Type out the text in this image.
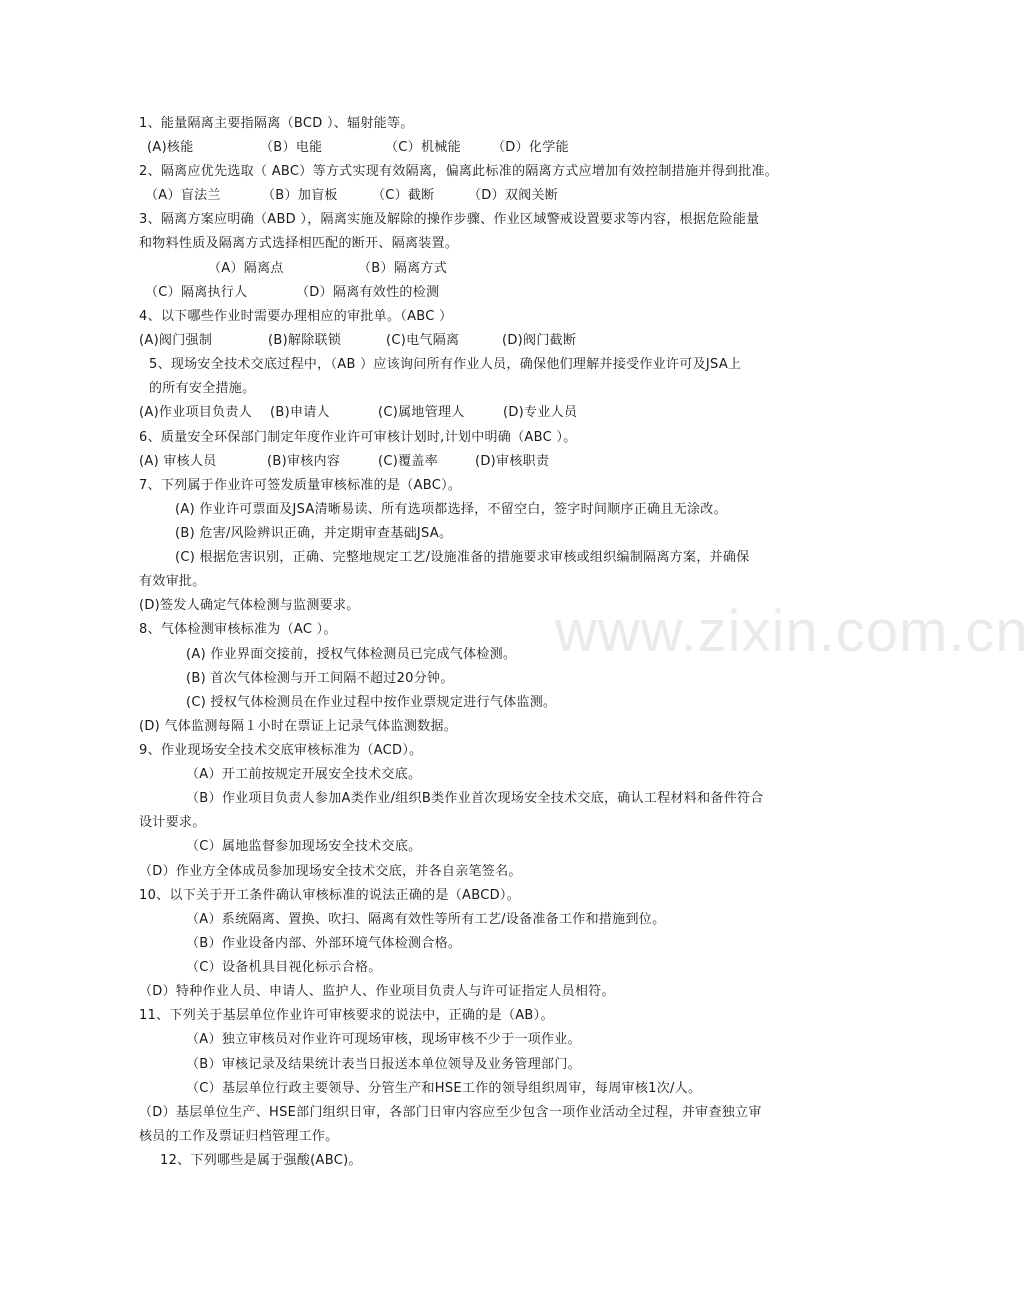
www.zixin.com.cn
1、能量隔离主要指隔离（BCD ）、辐射能等。
(A)核能	（B）电能	（C）机械能 （D）化学能
2、隔离应优先选取（ ABC）等方式实现有效隔离，偏离此标准的隔离方式应增加有效控制措施并得到批准。
（A）盲法兰	（B）加盲板	（C）截断	（D）双阀关断
3、隔离方案应明确（ABD ），隔离实施及解除的操作步骤、作业区域警戒设置要求等内容，根据危险能量
和物料性质及隔离方式选择相匹配的断开、隔离装置。
（A）隔离点	（B）隔离方式
（C）隔离执行人	（D）隔离有效性的检测
4、以下哪些作业时需要办理相应的审批单。（ABC ）
(A)阀门强制	(B)解除联锁	(C)电气隔离	(D)阀门截断
5、现场安全技术交底过程中，（AB ）应该询问所有作业人员，确保他们理解并接受作业许可及JSA上
的所有安全措施。
(A)作业项目负责人 (B)申请人	(C)属地管理人	(D)专业人员
6、质量安全环保部门制定年度作业许可审核计划时,计划中明确（ABC ）。
(A) 审核人员	(B)审核内容	(C)覆盖率	(D)审核职责
7、下列属于作业许可签发质量审核标准的是（ABC）。
(A) 作业许可票面及JSA清晰易读、所有选项都选择，不留空白，签字时间顺序正确且无涂改。
(B) 危害/风险辨识正确，并定期审查基础JSA。
(C) 根据危害识别，正确、完整地规定工艺/设施准备的措施要求审核或组织编制隔离方案，并确保
有效审批。
(D)签发人确定气体检测与监测要求。
8、气体检测审核标准为（AC ）。
(A) 作业界面交接前，授权气体检测员已完成气体检测。
(B) 首次气体检测与开工间隔不超过20分钟。
(C) 授权气体检测员在作业过程中按作业票规定进行气体监测。
(D) 气体监测每隔１小时在票证上记录气体监测数据。
9、作业现场安全技术交底审核标准为（ACD）。
（A）开工前按规定开展安全技术交底。
（B）作业项目负责人参加A类作业/组织B类作业首次现场安全技术交底，确认工程材料和备件符合
设计要求。
（C）属地监督参加现场安全技术交底。
（D）作业方全体成员参加现场安全技术交底，并各自亲笔签名。
10、以下关于开工条件确认审核标准的说法正确的是（ABCD）。
（A）系统隔离、置换、吹扫、隔离有效性等所有工艺/设备准备工作和措施到位。
（B）作业设备内部、外部环境气体检测合格。
（C）设备机具目视化标示合格。
（D）特种作业人员、申请人、监护人、作业项目负责人与许可证指定人员相符。
11、下列关于基层单位作业许可审核要求的说法中，正确的是（AB）。
（A）独立审核员对作业许可现场审核，现场审核不少于一项作业。
（B）审核记录及结果统计表当日报送本单位领导及业务管理部门。
（C）基层单位行政主要领导、分管生产和HSE工作的领导组织周审，每周审核1次/人。
（D）基层单位生产、HSE部门组织日审，各部门日审内容应至少包含一项作业活动全过程，并审查独立审
核员的工作及票证归档管理工作。
12、下列哪些是属于强酸(ABC)。
